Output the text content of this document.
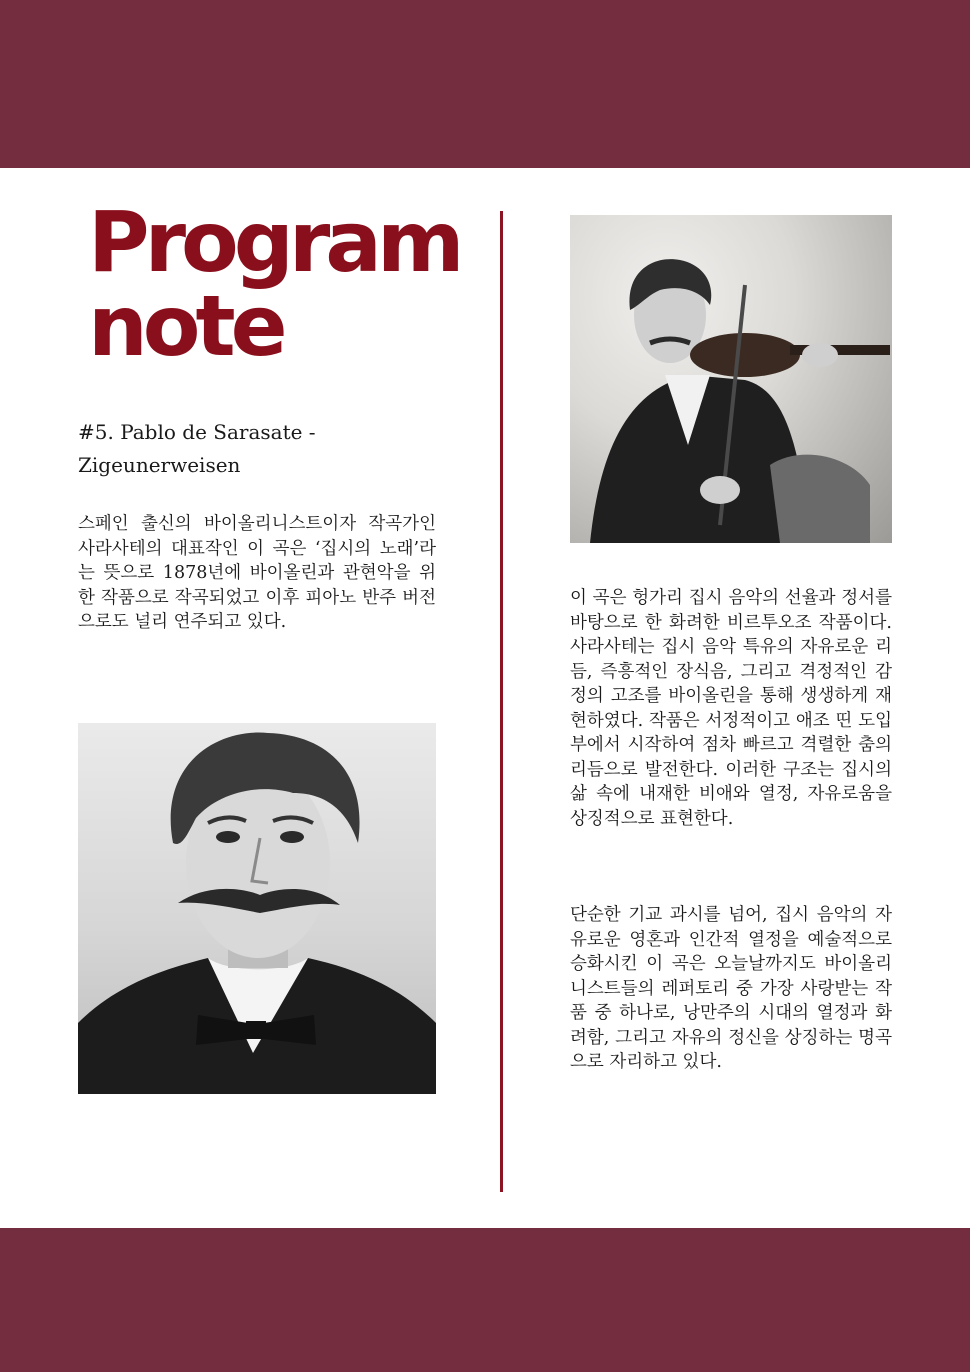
Program
note
#5. Pablo de Sarasate - Zigeunerweisen

스페인 출신의 바이올리니스트이자 작곡가인 사라사테의 대표작인 이 곡은 ‘집시의 노래’라는 뜻으로 1878년에 바이올린과 관현악을 위한 작품으로 작곡되었고 이후 피아노 반주 버전으로도 널리 연주되고 있다.

이 곡은 헝가리 집시 음악의 선율과 정서를 바탕으로 한 화려한 비르투오조 작품이다. 사라사테는 집시 음악 특유의 자유로운 리듬, 즉흥적인 장식음, 그리고 격정적인 감정의 고조를 바이올린을 통해 생생하게 재현하였다. 작품은 서정적이고 애조 띤 도입부에서 시작하여 점차 빠르고 격렬한 춤의 리듬으로 발전한다. 이러한 구조는 집시의 삶 속에 내재한 비애와 열정, 자유로움을 상징적으로 표현한다.

단순한 기교 과시를 넘어, 집시 음악의 자유로운 영혼과 인간적 열정을 예술적으로 승화시킨 이 곡은 오늘날까지도 바이올리니스트들의 레퍼토리 중 가장 사랑받는 작품 중 하나로, 낭만주의 시대의 열정과 화려함, 그리고 자유의 정신을 상징하는 명곡으로 자리하고 있다.
